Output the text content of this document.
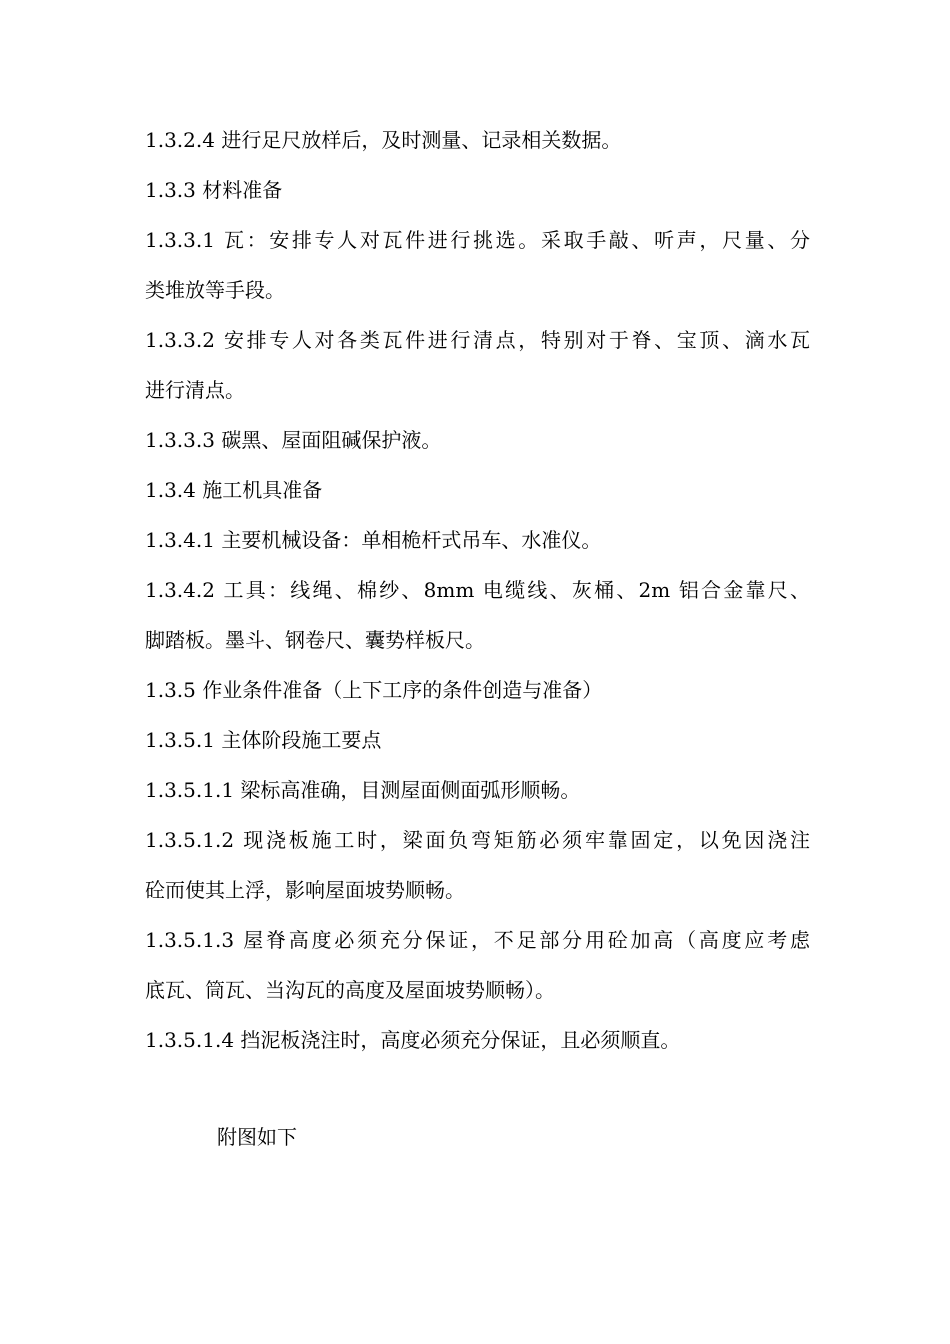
1.3.2.4 进行足尺放样后，及时测量、记录相关数据。
1.3.3 材料准备
1.3.3.1 瓦：安排专人对瓦件进行挑选。采取手敲、听声，尺量、分
类堆放等手段。
1.3.3.2 安排专人对各类瓦件进行清点，特别对于脊、宝顶、滴水瓦
进行清点。
1.3.3.3 碳黑、屋面阻碱保护液。
1.3.4 施工机具准备
1.3.4.1 主要机械设备：单相桅杆式吊车、水准仪。
1.3.4.2 工具：线绳、棉纱、8mm 电缆线、灰桶、2m 铝合金靠尺、
脚踏板。墨斗、钢卷尺、囊势样板尺。
1.3.5 作业条件准备（上下工序的条件创造与准备）
1.3.5.1 主体阶段施工要点
1.3.5.1.1 梁标高准确，目测屋面侧面弧形顺畅。
1.3.5.1.2 现浇板施工时，梁面负弯矩筋必须牢靠固定，以免因浇注
砼而使其上浮，影响屋面坡势顺畅。
1.3.5.1.3 屋脊高度必须充分保证，不足部分用砼加高（高度应考虑
底瓦、筒瓦、当沟瓦的高度及屋面坡势顺畅）。
1.3.5.1.4 挡泥板浇注时，高度必须充分保证，且必须顺直。
附图如下
